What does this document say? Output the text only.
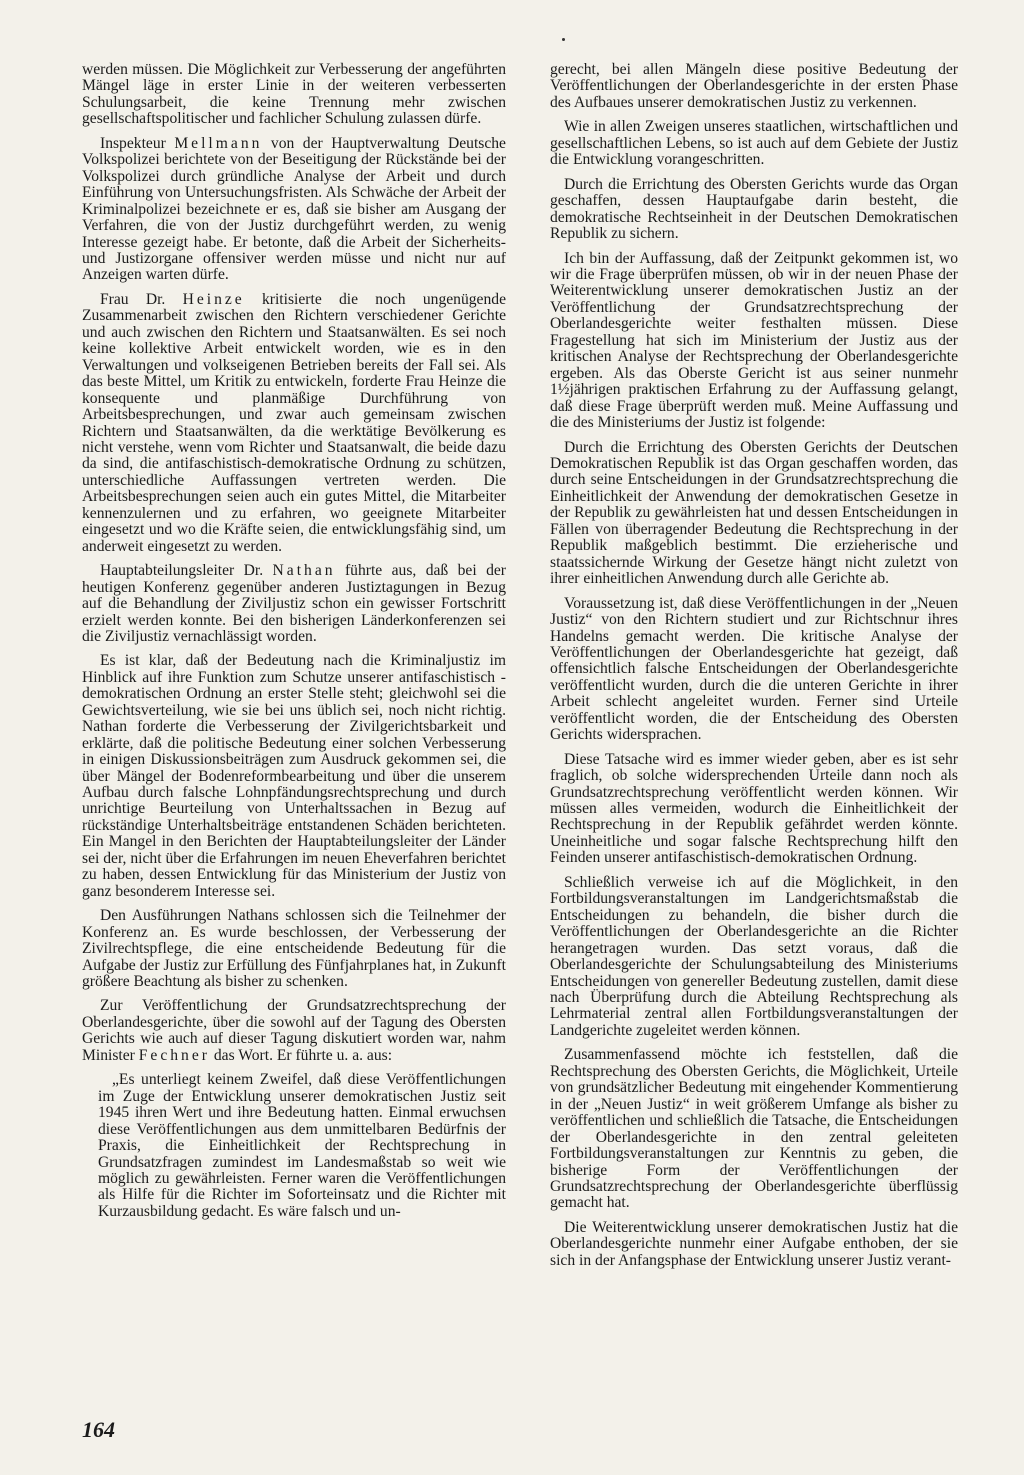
werden müssen. Die Möglichkeit zur Verbesserung der angeführten Mängel läge in erster Linie in der weiteren verbesserten Schulungsarbeit, die keine Trennung mehr zwischen gesellschaftspolitischer und fachlicher Schulung zulassen dürfe.

Inspekteur Mellmann von der Hauptverwaltung Deutsche Volkspolizei berichtete von der Beseitigung der Rückstände bei der Volkspolizei durch gründliche Analyse der Arbeit und durch Einführung von Untersuchungsfristen. Als Schwäche der Arbeit der Kriminalpolizei bezeichnete er es, daß sie bisher am Ausgang der Verfahren, die von der Justiz durchgeführt werden, zu wenig Interesse gezeigt habe. Er betonte, daß die Arbeit der Sicherheits- und Justizorgane offensiver werden müsse und nicht nur auf Anzeigen warten dürfe.

Frau Dr. Heinze kritisierte die noch ungenügende Zusammenarbeit zwischen den Richtern verschiedener Gerichte und auch zwischen den Richtern und Staatsanwälten. Es sei noch keine kollektive Arbeit entwickelt worden, wie es in den Verwaltungen und volkseigenen Betrieben bereits der Fall sei. Als das beste Mittel, um Kritik zu entwickeln, forderte Frau Heinze die konsequente und planmäßige Durchführung von Arbeitsbesprechungen, und zwar auch gemeinsam zwischen Richtern und Staatsanwälten, da die werktätige Bevölkerung es nicht verstehe, wenn vom Richter und Staatsanwalt, die beide dazu da sind, die antifaschistisch-demokratische Ordnung zu schützen, unterschiedliche Auffassungen vertreten werden. Die Arbeitsbesprechungen seien auch ein gutes Mittel, die Mitarbeiter kennenzulernen und zu erfahren, wo geeignete Mitarbeiter eingesetzt und wo die Kräfte seien, die entwicklungsfähig sind, um anderweit eingesetzt zu werden.

Hauptabteilungsleiter Dr. Nathan führte aus, daß bei der heutigen Konferenz gegenüber anderen Justiztagungen in Bezug auf die Behandlung der Ziviljustiz schon ein gewisser Fortschritt erzielt werden konnte. Bei den bisherigen Länderkonferenzen sei die Ziviljustiz vernachlässigt worden.

Es ist klar, daß der Bedeutung nach die Kriminaljustiz im Hinblick auf ihre Funktion zum Schutze unserer antifaschistisch - demokratischen Ordnung an erster Stelle steht; gleichwohl sei die Gewichtsverteilung, wie sie bei uns üblich sei, noch nicht richtig. Nathan forderte die Verbesserung der Zivilgerichtsbarkeit und erklärte, daß die politische Bedeutung einer solchen Verbesserung in einigen Diskussionsbeiträgen zum Ausdruck gekommen sei, die über Mängel der Bodenreformbearbeitung und über die unserem Aufbau durch falsche Lohnpfändungsrechtsprechung und durch unrichtige Beurteilung von Unterhaltssachen in Bezug auf rückständige Unterhaltsbeiträge entstandenen Schäden berichteten. Ein Mangel in den Berichten der Hauptabteilungsleiter der Länder sei der, nicht über die Erfahrungen im neuen Eheverfahren berichtet zu haben, dessen Entwicklung für das Ministerium der Justiz von ganz besonderem Interesse sei.

Den Ausführungen Nathans schlossen sich die Teilnehmer der Konferenz an. Es wurde beschlossen, der Verbesserung der Zivilrechtspflege, die eine entscheidende Bedeutung für die Aufgabe der Justiz zur Erfüllung des Fünfjahrplanes hat, in Zukunft größere Beachtung als bisher zu schenken.

Zur Veröffentlichung der Grundsatzrechtsprechung der Oberlandesgerichte, über die sowohl auf der Tagung des Obersten Gerichts wie auch auf dieser Tagung diskutiert worden war, nahm Minister Fechner das Wort. Er führte u. a. aus:

„Es unterliegt keinem Zweifel, daß diese Veröffentlichungen im Zuge der Entwicklung unserer demokratischen Justiz seit 1945 ihren Wert und ihre Bedeutung hatten. Einmal erwuchsen diese Veröffentlichungen aus dem unmittelbaren Bedürfnis der Praxis, die Einheitlichkeit der Rechtsprechung in Grundsatzfragen zumindest im Landesmaßstab so weit wie möglich zu gewährleisten. Ferner waren die Veröffentlichungen als Hilfe für die Richter im Soforteinsatz und die Richter mit Kurzausbildung gedacht. Es wäre falsch und un-

gerecht, bei allen Mängeln diese positive Bedeutung der Veröffentlichungen der Oberlandesgerichte in der ersten Phase des Aufbaues unserer demokratischen Justiz zu verkennen.

Wie in allen Zweigen unseres staatlichen, wirtschaftlichen und gesellschaftlichen Lebens, so ist auch auf dem Gebiete der Justiz die Entwicklung vorangeschritten.

Durch die Errichtung des Obersten Gerichts wurde das Organ geschaffen, dessen Hauptaufgabe darin besteht, die demokratische Rechtseinheit in der Deutschen Demokratischen Republik zu sichern.

Ich bin der Auffassung, daß der Zeitpunkt gekommen ist, wo wir die Frage überprüfen müssen, ob wir in der neuen Phase der Weiterentwicklung unserer demokratischen Justiz an der Veröffentlichung der Grundsatzrechtsprechung der Oberlandesgerichte weiter festhalten müssen. Diese Fragestellung hat sich im Ministerium der Justiz aus der kritischen Analyse der Rechtsprechung der Oberlandesgerichte ergeben. Als das Oberste Gericht ist aus seiner nunmehr 1½jährigen praktischen Erfahrung zu der Auffassung gelangt, daß diese Frage überprüft werden muß. Meine Auffassung und die des Ministeriums der Justiz ist folgende:

Durch die Errichtung des Obersten Gerichts der Deutschen Demokratischen Republik ist das Organ geschaffen worden, das durch seine Entscheidungen in der Grundsatzrechtsprechung die Einheitlichkeit der Anwendung der demokratischen Gesetze in der Republik zu gewährleisten hat und dessen Entscheidungen in Fällen von überragender Bedeutung die Rechtsprechung in der Republik maßgeblich bestimmt. Die erzieherische und staatssichernde Wirkung der Gesetze hängt nicht zuletzt von ihrer einheitlichen Anwendung durch alle Gerichte ab.

Voraussetzung ist, daß diese Veröffentlichungen in der „Neuen Justiz“ von den Richtern studiert und zur Richtschnur ihres Handelns gemacht werden. Die kritische Analyse der Veröffentlichungen der Oberlandesgerichte hat gezeigt, daß offensichtlich falsche Entscheidungen der Oberlandesgerichte veröffentlicht wurden, durch die die unteren Gerichte in ihrer Arbeit schlecht angeleitet wurden. Ferner sind Urteile veröffentlicht worden, die der Entscheidung des Obersten Gerichts widersprachen.

Diese Tatsache wird es immer wieder geben, aber es ist sehr fraglich, ob solche widersprechenden Urteile dann noch als Grundsatzrechtsprechung veröffentlicht werden können. Wir müssen alles vermeiden, wodurch die Einheitlichkeit der Rechtsprechung in der Republik gefährdet werden könnte. Uneinheitliche und sogar falsche Rechtsprechung hilft den Feinden unserer antifaschistisch-demokratischen Ordnung.

Schließlich verweise ich auf die Möglichkeit, in den Fortbildungsveranstaltungen im Landgerichtsmaßstab die Entscheidungen zu behandeln, die bisher durch die Veröffentlichungen der Oberlandesgerichte an die Richter herangetragen wurden. Das setzt voraus, daß die Oberlandesgerichte der Schulungsabteilung des Ministeriums Entscheidungen von genereller Bedeutung zustellen, damit diese nach Überprüfung durch die Abteilung Rechtsprechung als Lehrmaterial zentral allen Fortbildungsveranstaltungen der Landgerichte zugeleitet werden können.

Zusammenfassend möchte ich feststellen, daß die Rechtsprechung des Obersten Gerichts, die Möglichkeit, Urteile von grundsätzlicher Bedeutung mit eingehender Kommentierung in der „Neuen Justiz“ in weit größerem Umfange als bisher zu veröffentlichen und schließlich die Tatsache, die Entscheidungen der Oberlandesgerichte in den zentral geleiteten Fortbildungsveranstaltungen zur Kenntnis zu geben, die bisherige Form der Veröffentlichungen der Grundsatzrechtsprechung der Oberlandesgerichte überflüssig gemacht hat.

Die Weiterentwicklung unserer demokratischen Justiz hat die Oberlandesgerichte nunmehr einer Aufgabe enthoben, der sie sich in der Anfangsphase der Entwicklung unserer Justiz verant-

164
